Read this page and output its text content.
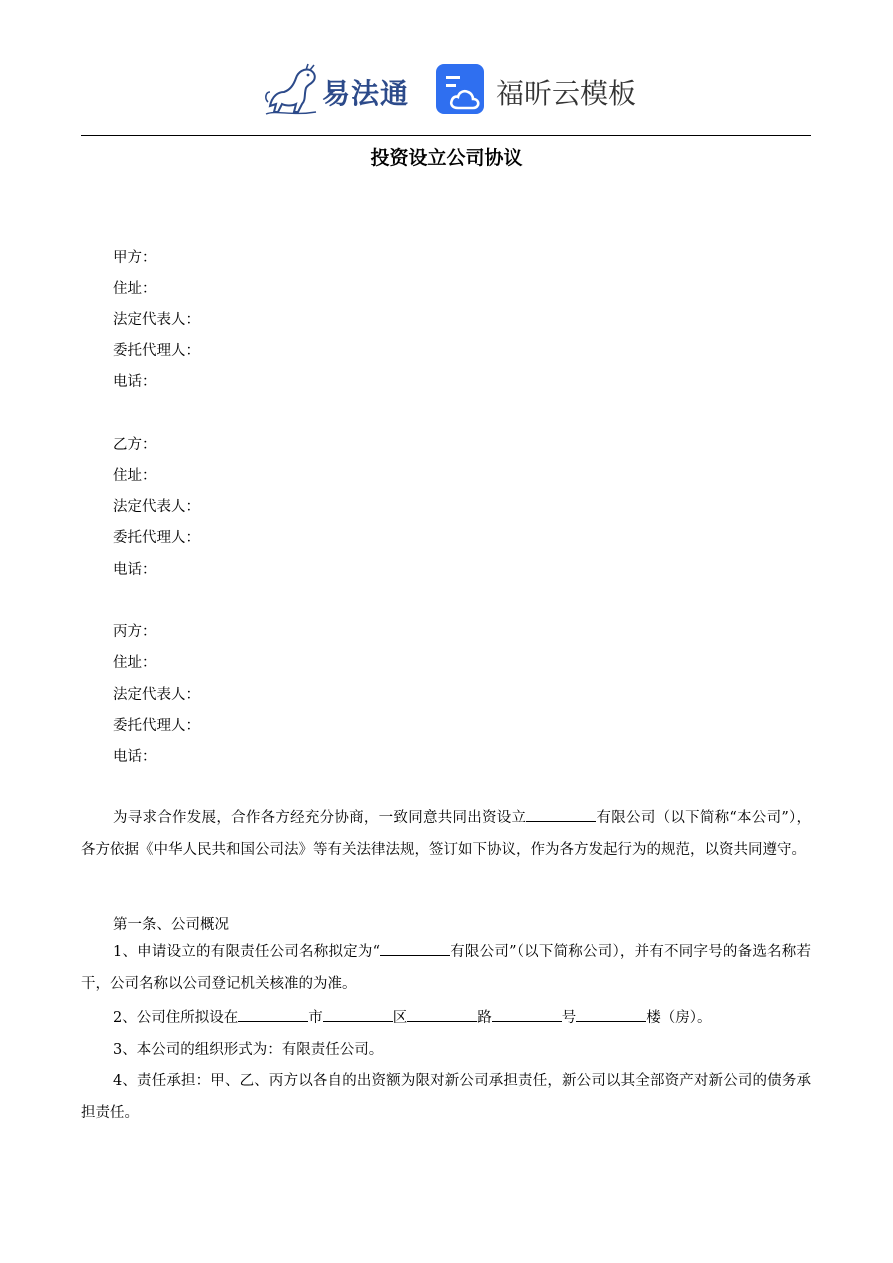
易法通	福昕云模板
投资设立公司协议
甲方：
住址：
法定代表人：
委托代理人：
电话：
乙方：
住址：
法定代表人：
委托代理人：
电话：
丙方：
住址：
法定代表人：
委托代理人：
电话：
为寻求合作发展，合作各方经充分协商，一致同意共同出资设立	有限公司（以下简称“本公司”），各方依据《中华人民共和国公司法》等有关法律法规，签订如下协议，作为各方发起行为的规范，以资共同遵守。
第一条、公司概况
1、申请设立的有限责任公司名称拟定为“	有限公司”（以下简称公司），并有不同字号的备选名称若干，公司名称以公司登记机关核准的为准。
2、公司住所拟设在	市	区	路	号	楼（房）。
3、本公司的组织形式为：有限责任公司。
4、责任承担：甲、乙、丙方以各自的出资额为限对新公司承担责任，新公司以其全部资产对新公司的债务承担责任。
